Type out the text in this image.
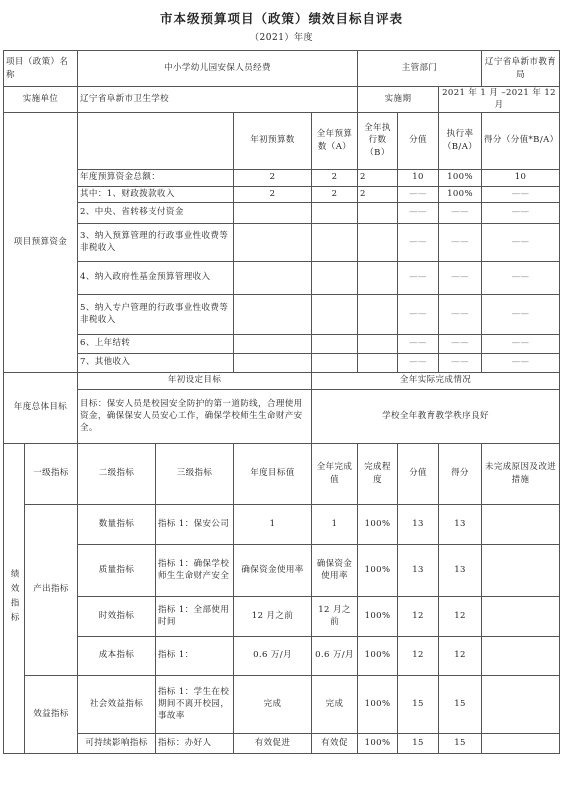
市本级预算项目（政策）绩效目标自评表
（2021）年度
项目（政策）名称		中小学幼儿园安保人员经费				主管部门			辽宁省阜新市教育局
实施单位		辽宁省阜新市卫生学校				实施期		2021 年 1 月 –2021 年 12 月	
项目预算资金				年初预算数	全年预算数（A）	全年执行数（B）	分值	执行率（B/A）	得分（分值*B/A）
		年度预算资金总额：		2	2	2	10	100%	10
		其中：1、财政拨款收入		2	2	2	——	100%	——
		2、中央、省转移支付资金					——	——	——
		3、纳入预算管理的行政事业性收费等非税收入					——	——	——
		4、纳入政府性基金预算管理收入					——	——	——
		5、纳入专户管理的行政事业性收费等非税收入					——	——	——
		6、上年结转					——	——	——
		7、其他收入					——	——	——
年度总体目标		年初设定目标			全年实际完成情况				
		目标：保安人员是校园安全防护的第一道防线，合理使用资金，确保保安人员安心工作，确保学校师生生命财产安全。			学校全年教育教学秩序良好				
绩效指标	一级指标	二级指标	三级指标	年度目标值	全年完成值	完成程度	分值	得分	未完成原因及改进措施
	产出指标	数量指标	指标 1：保安公司	1	1	100%	13	13	
		质量指标	指标 1：确保学校师生生命财产安全	确保资金使用率	确保资金使用率	100%	13	13	
		时效指标	指标 1：全部使用时间	12 月之前	12 月之前	100%	12	12	
		成本指标	指标 1：	0.6 万/月	0.6 万/月	100%	12	12	
	效益指标	社会效益指标	指标 1：学生在校期间不离开校园，事故率	完成	完成	100%	15	15	
		可持续影响指标	指标：办好人	有效促进	有效促	100%	15	15	
